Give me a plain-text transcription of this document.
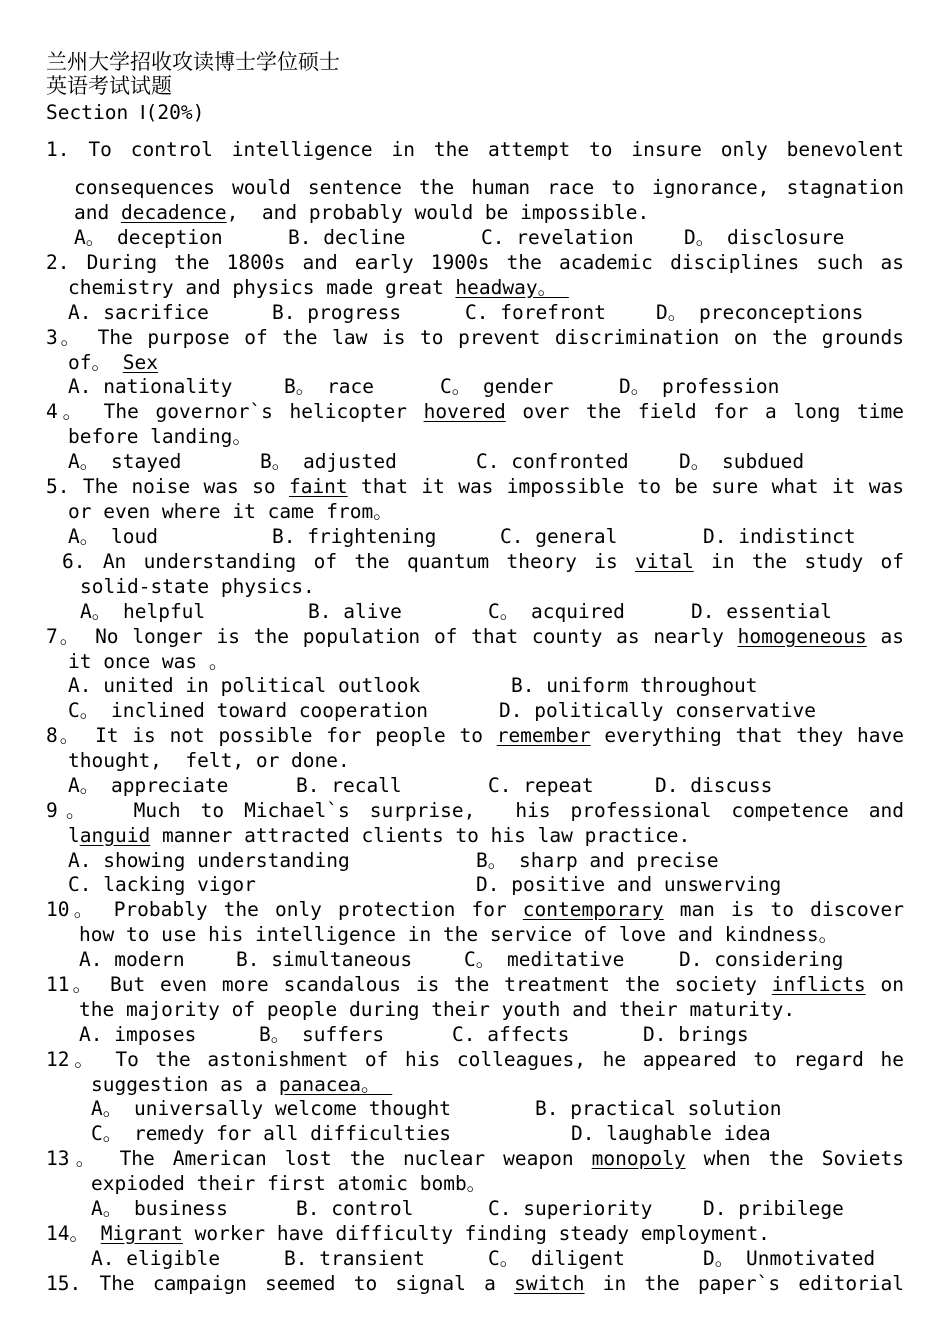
兰州大学招收攻读博士学位硕士
英语考试试题
Section Ⅰ(20%)
1. To control intelligence in the attempt to insure only benevolent
consequences would sentence the human race to ignorance, stagnation
and decadence,  and probably would be impossible.
A。 deception	B. decline	C. revelation	D。 disclosure
2. During the 1800s and early 1900s the academic disciplines such as
chemistry and physics made great headway。
A. sacrifice	B. progress	C. forefront	D。 preconceptions
3。 The purpose of the law is to prevent discrimination on the grounds
of。 Sex
A. nationality	B。 race	C。 gender	D。 profession
4。 The governor`s helicopter hovered over the field for a long time
before landing。
A。 stayed	B。 adjusted	C. confronted	D。 subdued
5. The noise was so faint that it was impossible to be sure what it was
or even where it came from。
A。 loud	B. frightening	C. general	D. indistinct
6. An understanding of the quantum theory is vital in the study of
solid-state physics.
A。 helpful	B. alive	C。 acquired	D. essential
7。 No longer is the population of that county as nearly homogeneous as
it once was 。
A. united in political outlook	B. uniform throughout
C。 inclined toward cooperation	D. politically conservative
8。 It is not possible for people to remember everything that they have
thought,  felt, or done.
A。 appreciate	B. recall	C. repeat	D. discuss
9。  Much to Michael`s surprise,  his professional competence and
languid manner attracted clients to his law practice.
A. showing understanding	B。 sharp and precise
C. lacking vigor	D. positive and unswerving
10。 Probably the only protection for contemporary man is to discover
how to use his intelligence in the service of love and kindness。
A. modern	B. simultaneous	C。 meditative	D. considering
11。 But even more scandalous is the treatment the society inflicts on
the majority of people during their youth and their maturity.
A. imposes	B。 suffers	C. affects	D. brings
12。 To the astonishment of his colleagues, he appeared to regard he
suggestion as a panacea。
A。 universally welcome thought	B. practical solution
C。 remedy for all difficulties	D. laughable idea
13。 The American lost the nuclear weapon monopoly when the Soviets
expioded their first atomic bomb。
A。 business	B. control	C. superiority	D. pribilege
14。 Migrant worker have difficulty finding steady employment.
A. eligible	B. transient	C。 diligent	D。 Unmotivated
15. The campaign seemed to signal a switch in the paper`s editorial
